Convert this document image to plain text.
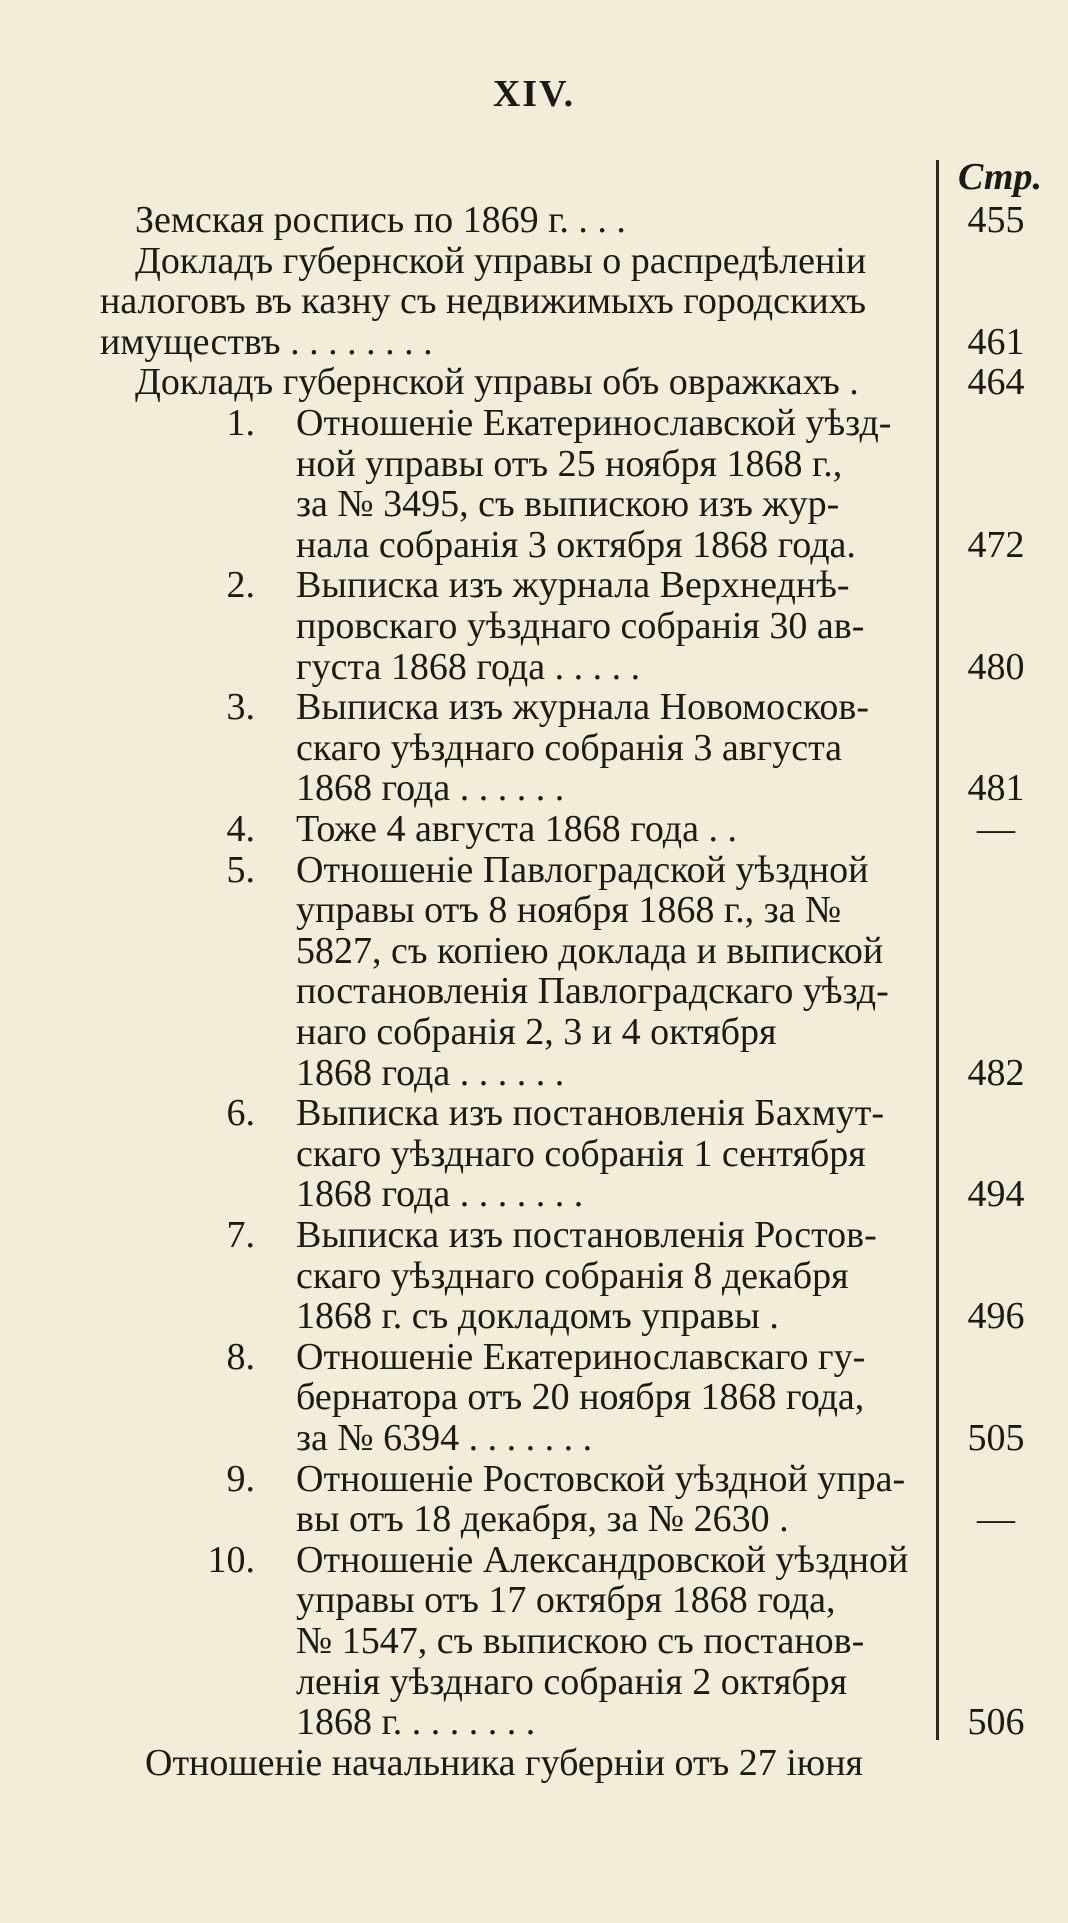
XIV.
Стр.
Земская роспись по 1869 г. . . .	455
Докладъ губернской управы о распредѣленіи
налоговъ въ казну съ недвижимыхъ городскихъ
имуществъ . . . . . . . .	461
Докладъ губернской управы объ овражкахъ .	464
1. Отношеніе Екатеринославской уѣзд-
ной управы отъ 25 ноября 1868 г.,
за № 3495, съ выпискою изъ жур-
нала собранія 3 октября 1868 года.	472
2. Выписка изъ журнала Верхнеднѣ-
провскаго уѣзднаго собранія 30 ав-
густа 1868 года . . . . .	480
3. Выписка изъ журнала Новомосков-
скаго уѣзднаго собранія 3 августа
1868 года . . . . . .	481
4. Тоже 4 августа 1868 года . .	—
5. Отношеніе Павлоградской уѣздной
управы отъ 8 ноября 1868 г., за №
5827, съ копіею доклада и выпиской
постановленія Павлоградскаго уѣзд-
наго собранія 2, 3 и 4 октября
1868 года . . . . . .	482
6. Выписка изъ постановленія Бахмут-
скаго уѣзднаго собранія 1 сентября
1868 года . . . . . . .	494
7. Выписка изъ постановленія Ростов-
скаго уѣзднаго собранія 8 декабря
1868 г. съ докладомъ управы .	496
8. Отношеніе Екатеринославскаго гу-
бернатора отъ 20 ноября 1868 года,
за № 6394 . . . . . . .	505
9. Отношеніе Ростовской уѣздной упра-
вы отъ 18 декабря, за № 2630 .	—
10. Отношеніе Александровской уѣздной
управы отъ 17 октября 1868 года,
№ 1547, съ выпискою съ постанов-
ленія уѣзднаго собранія 2 октября
1868 г. . . . . . . .	506
Отношеніе начальника губерніи отъ 27 іюня
